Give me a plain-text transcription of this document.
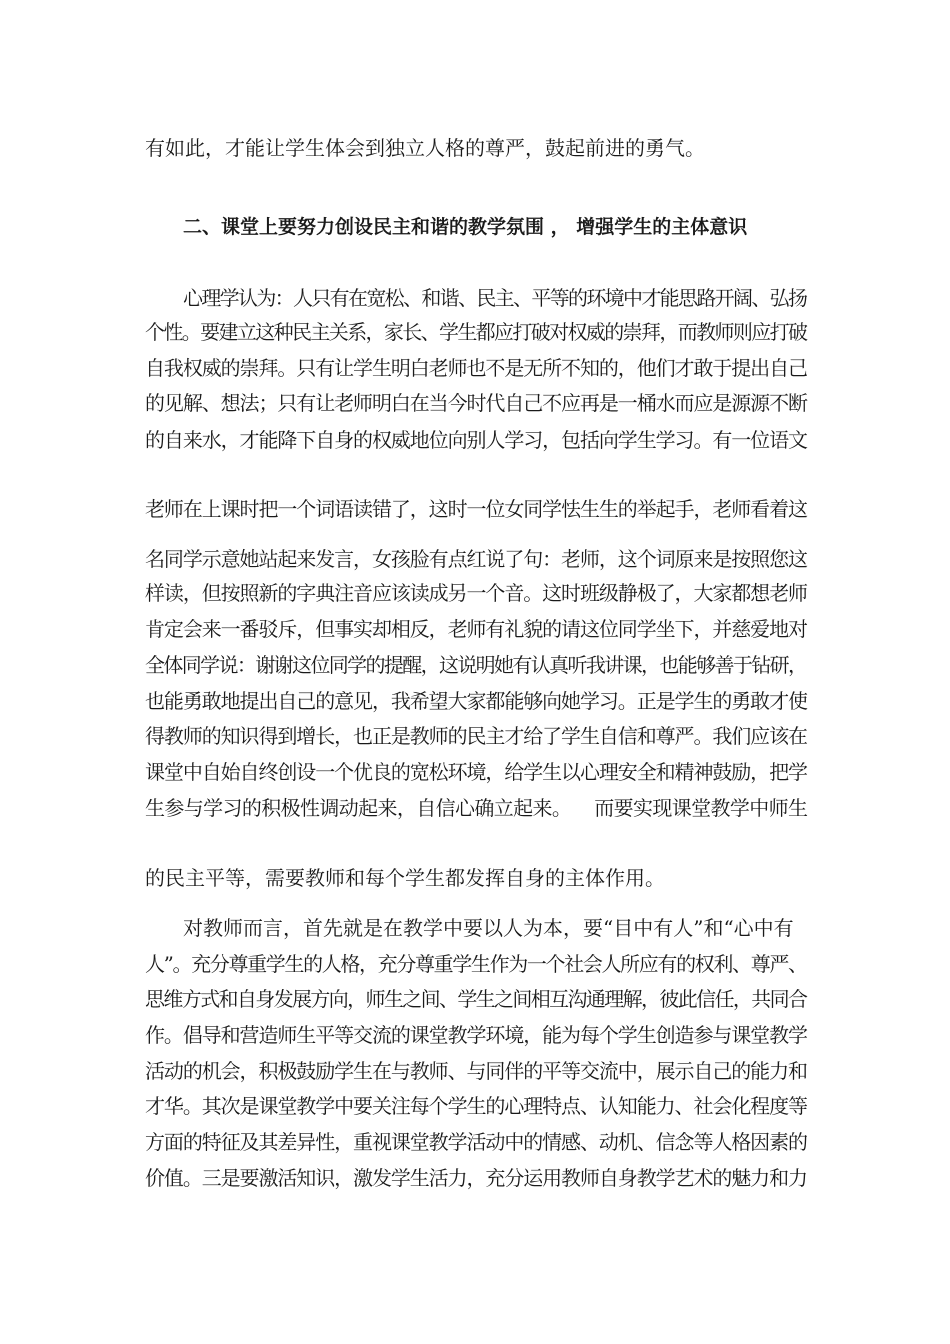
有如此，才能让学生体会到独立人格的尊严，鼓起前进的勇气。
二、课堂上要努力创设民主和谐的教学氛围 ， 增强学生的主体意识
心理学认为：人只有在宽松、和谐、民主、平等的环境中才能思路开阔、弘扬
个性。要建立这种民主关系，家长、学生都应打破对权威的崇拜，而教师则应打破
自我权威的崇拜。只有让学生明白老师也不是无所不知的，他们才敢于提出自己
的见解、想法；只有让老师明白在当今时代自己不应再是一桶水而应是源源不断
的自来水，才能降下自身的权威地位向别人学习，包括向学生学习。有一位语文
老师在上课时把一个词语读错了，这时一位女同学怯生生的举起手，老师看着这
名同学示意她站起来发言，女孩脸有点红说了句：老师，这个词原来是按照您这
样读，但按照新的字典注音应该读成另一个音。这时班级静极了，大家都想老师
肯定会来一番驳斥，但事实却相反，老师有礼貌的请这位同学坐下，并慈爱地对
全体同学说：谢谢这位同学的提醒，这说明她有认真听我讲课，也能够善于钻研，
也能勇敢地提出自己的意见，我希望大家都能够向她学习。正是学生的勇敢才使
得教师的知识得到增长，也正是教师的民主才给了学生自信和尊严。我们应该在
课堂中自始自终创设一个优良的宽松环境，给学生以心理安全和精神鼓励，把学
生参与学习的积极性调动起来，自信心确立起来。    而要实现课堂教学中师生
的民主平等，需要教师和每个学生都发挥自身的主体作用。
对教师而言，首先就是在教学中要以人为本，要“目中有人”和“心中有
人”。充分尊重学生的人格，充分尊重学生作为一个社会人所应有的权利、尊严、
思维方式和自身发展方向，师生之间、学生之间相互沟通理解，彼此信任，共同合
作。倡导和营造师生平等交流的课堂教学环境，能为每个学生创造参与课堂教学
活动的机会，积极鼓励学生在与教师、与同伴的平等交流中，展示自己的能力和
才华。其次是课堂教学中要关注每个学生的心理特点、认知能力、社会化程度等
方面的特征及其差异性，重视课堂教学活动中的情感、动机、信念等人格因素的
价值。三是要激活知识，激发学生活力，充分运用教师自身教学艺术的魅力和力
